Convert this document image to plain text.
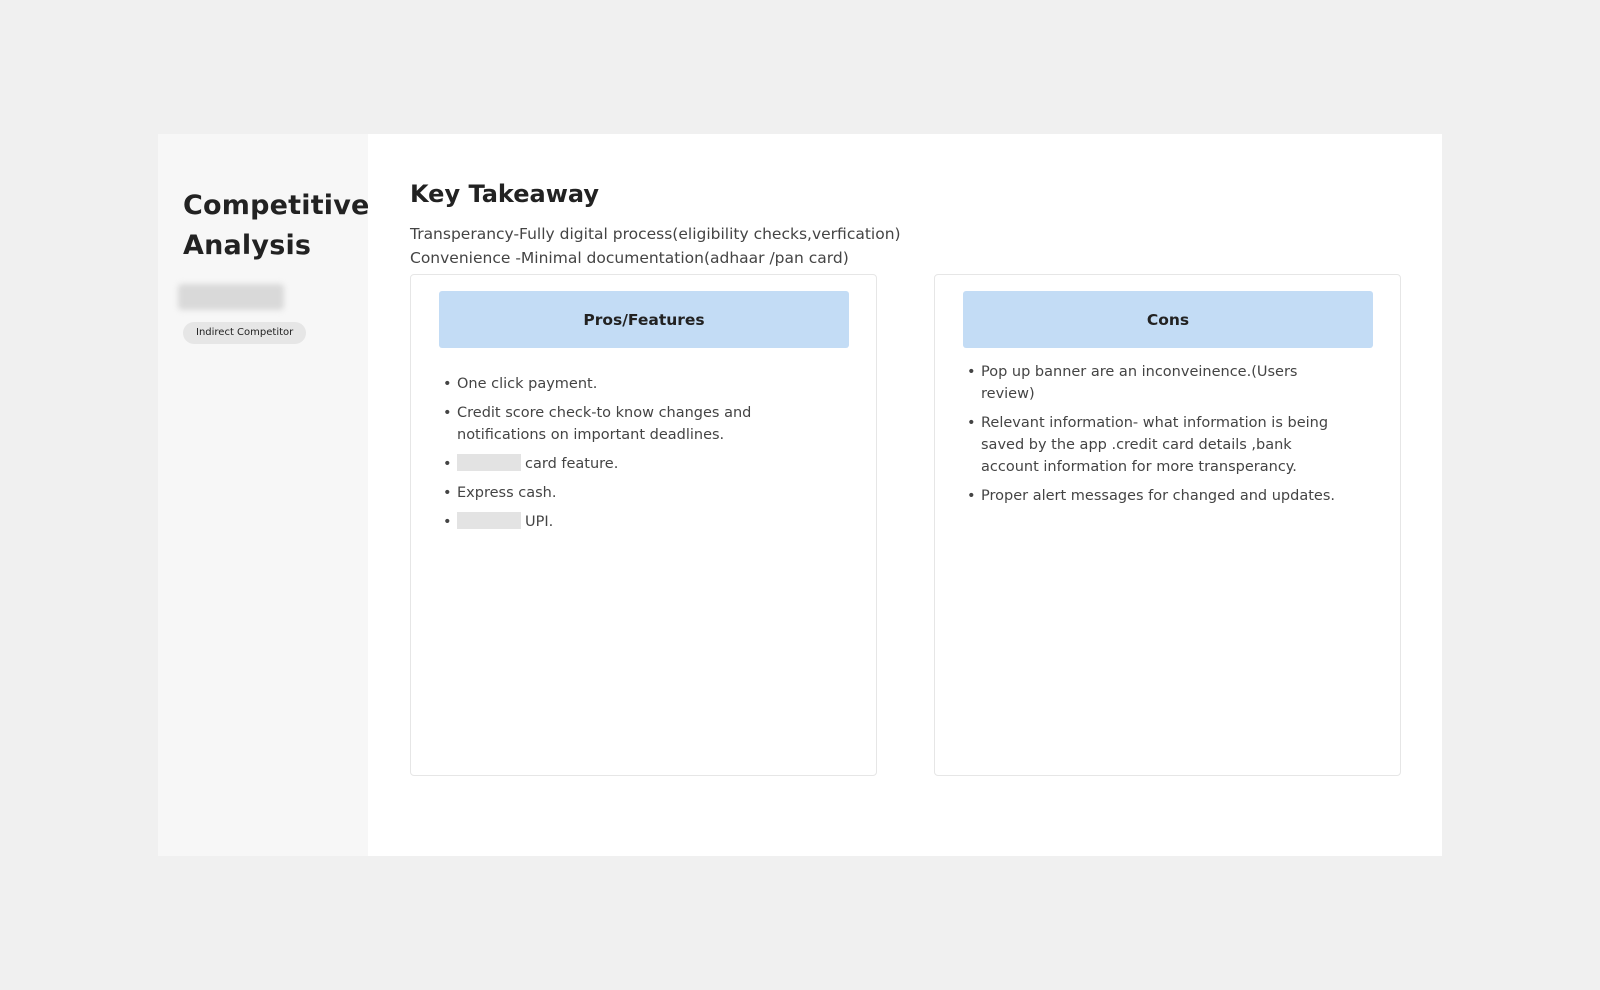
Competitive
Analysis
Indirect Competitor
Key Takeaway
Transperancy-Fully digital process(eligibility checks,verfication)
Convenience -Minimal documentation(adhaar /pan card)
Pros/Features
• One click payment.
• Credit score check-to know changes and notifications on important deadlines.
• card feature.
• Express cash.
• UPI.
Cons
• Pop up banner are an inconveinence.(Users review)
• Relevant information- what information is being saved by the app .credit card details ,bank account information for more transperancy.
• Proper alert messages for changed and updates.
